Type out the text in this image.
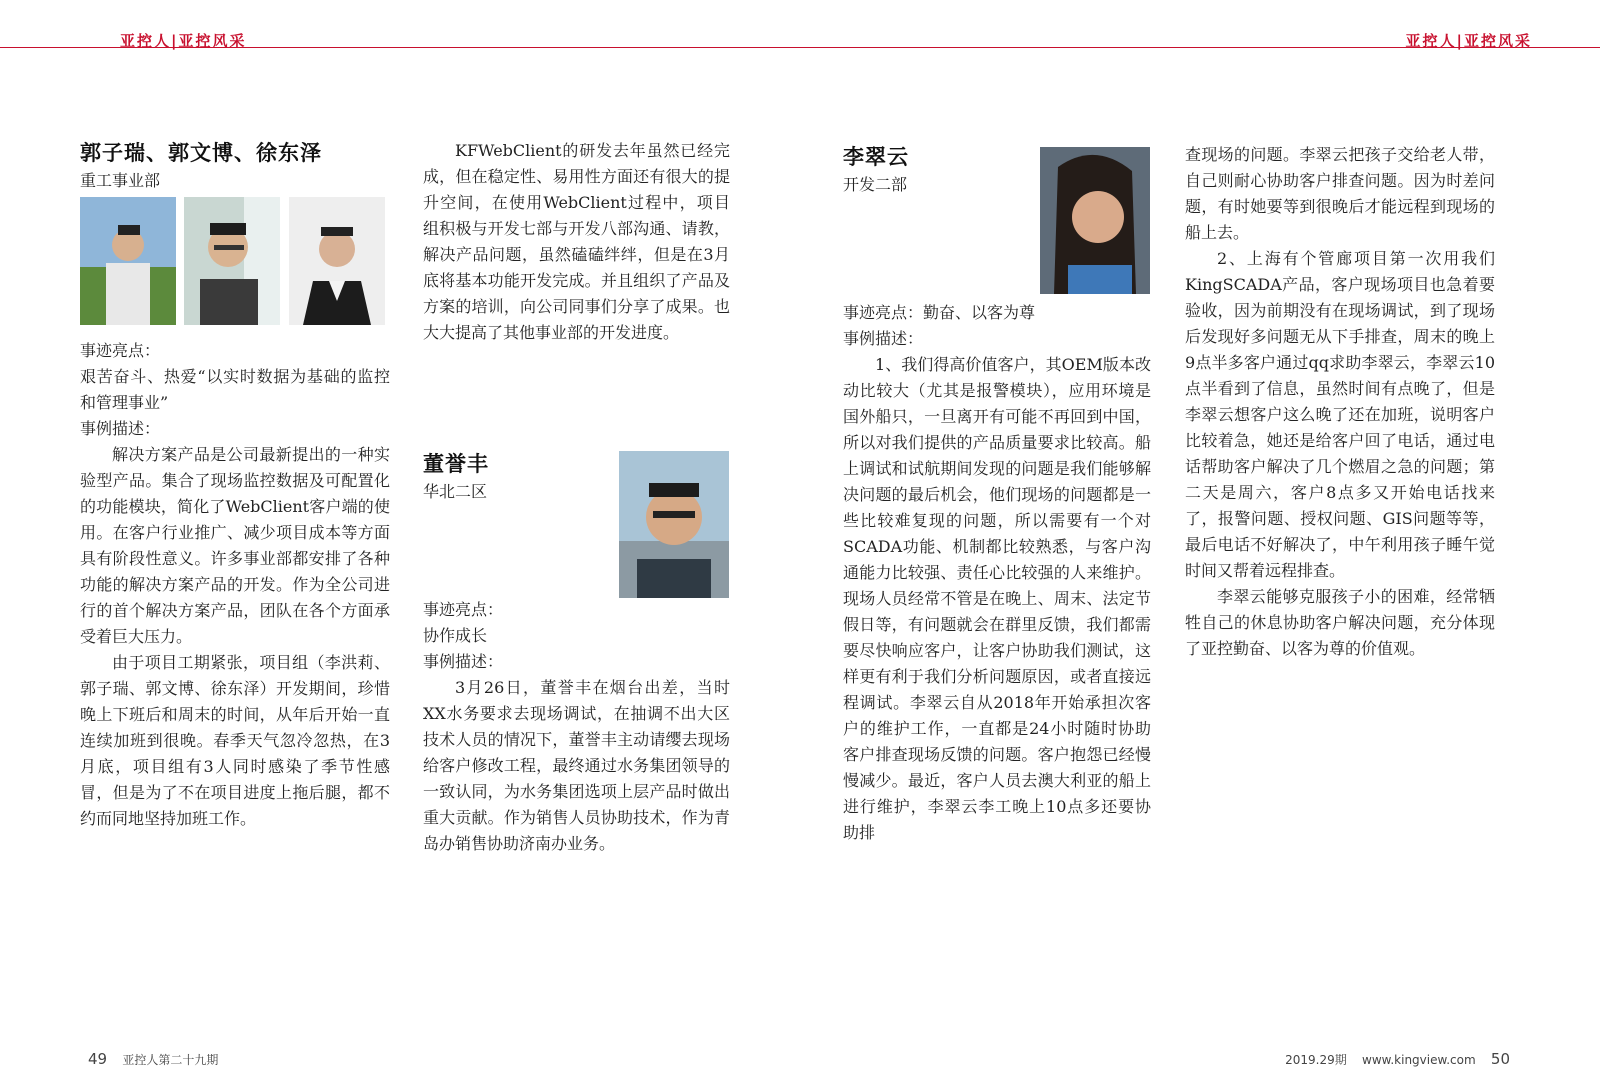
亚控人|亚控风采	亚控人|亚控风采

郭子瑞、郭文博、徐东泽

重工事业部

事迹亮点：

艰苦奋斗、热爱“以实时数据为基础的监控和管理事业”

事例描述：

解决方案产品是公司最新提出的一种实验型产品。集合了现场监控数据及可配置化的功能模块，简化了WebClient客户端的使用。在客户行业推广、减少项目成本等方面具有阶段性意义。许多事业部都安排了各种功能的解决方案产品的开发。作为全公司进行的首个解决方案产品，团队在各个方面承受着巨大压力。

由于项目工期紧张，项目组（李洪莉、郭子瑞、郭文博、徐东泽）开发期间，珍惜晚上下班后和周末的时间，从年后开始一直连续加班到很晚。春季天气忽冷忽热，在3月底，项目组有3人同时感染了季节性感冒，但是为了不在项目进度上拖后腿，都不约而同地坚持加班工作。

KFWebClient的研发去年虽然已经完成，但在稳定性、易用性方面还有很大的提升空间，在使用WebClient过程中，项目组积极与开发七部与开发八部沟通、请教，解决产品问题，虽然磕磕绊绊，但是在3月底将基本功能开发完成。并且组织了产品及方案的培训，向公司同事们分享了成果。也大大提高了其他事业部的开发进度。

董誉丰

华北二区

事迹亮点：

协作成长

事例描述：

3月26日，董誉丰在烟台出差，当时XX水务要求去现场调试，在抽调不出大区技术人员的情况下，董誉丰主动请缨去现场给客户修改工程，最终通过水务集团领导的一致认同，为水务集团选项上层产品时做出重大贡献。作为销售人员协助技术，作为青岛办销售协助济南办业务。

李翠云

开发二部

事迹亮点：勤奋、以客为尊

事例描述：

1、我们得高价值客户，其OEM版本改动比较大（尤其是报警模块），应用环境是国外船只，一旦离开有可能不再回到中国，所以对我们提供的产品质量要求比较高。船上调试和试航期间发现的问题是我们能够解决问题的最后机会，他们现场的问题都是一些比较难复现的问题，所以需要有一个对SCADA功能、机制都比较熟悉，与客户沟通能力比较强、责任心比较强的人来维护。现场人员经常不管是在晚上、周末、法定节假日等，有问题就会在群里反馈，我们都需要尽快响应客户，让客户协助我们测试，这样更有利于我们分析问题原因，或者直接远程调试。李翠云自从2018年开始承担次客户的维护工作，一直都是24小时随时协助客户排查现场反馈的问题。客户抱怨已经慢慢减少。最近，客户人员去澳大利亚的船上进行维护，李翠云李工晚上10点多还要协助排

查现场的问题。李翠云把孩子交给老人带，自己则耐心协助客户排查问题。因为时差问题，有时她要等到很晚后才能远程到现场的船上去。

2、上海有个管廊项目第一次用我们KingSCADA产品，客户现场项目也急着要验收，因为前期没有在现场调试，到了现场后发现好多问题无从下手排查，周末的晚上9点半多客户通过qq求助李翠云，李翠云10点半看到了信息，虽然时间有点晚了，但是李翠云想客户这么晚了还在加班，说明客户比较着急，她还是给客户回了电话，通过电话帮助客户解决了几个燃眉之急的问题；第二天是周六，客户8点多又开始电话找来了，报警问题、授权问题、GIS问题等等，最后电话不好解决了，中午利用孩子睡午觉时间又帮着远程排查。

李翠云能够克服孩子小的困难，经常牺牲自己的休息协助客户解决问题，充分体现了亚控勤奋、以客为尊的价值观。

49 亚控人第二十九期	2019.29期 www.kingview.com 50
